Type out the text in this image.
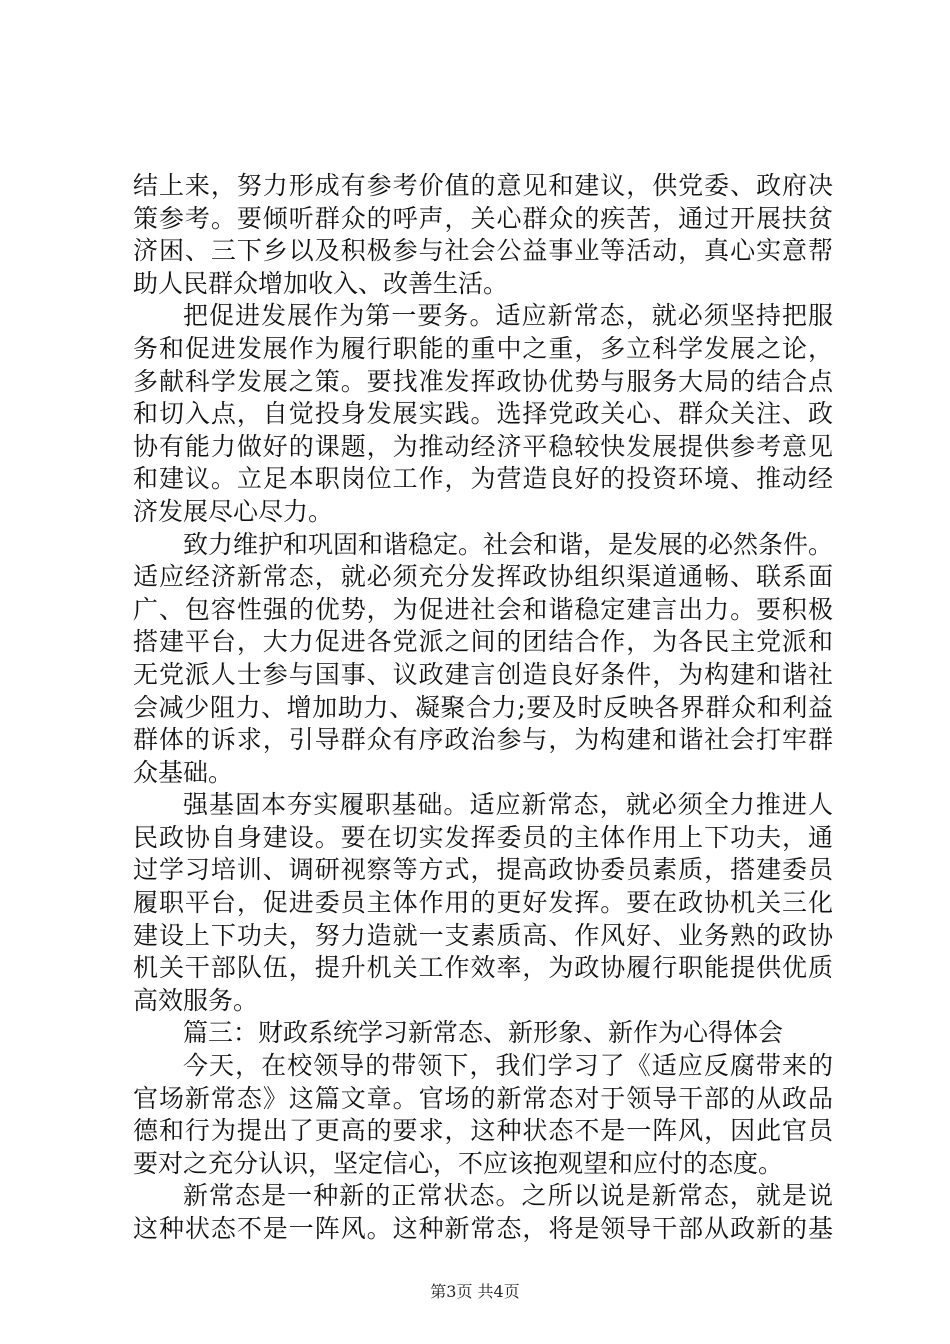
结上来，努力形成有参考价值的意见和建议，供党委、政府决
策参考。要倾听群众的呼声，关心群众的疾苦，通过开展扶贫
济困、三下乡以及积极参与社会公益事业等活动，真心实意帮
助人民群众增加收入、改善生活。
把促进发展作为第一要务。适应新常态，就必须坚持把服
务和促进发展作为履行职能的重中之重，多立科学发展之论，
多献科学发展之策。要找准发挥政协优势与服务大局的结合点
和切入点，自觉投身发展实践。选择党政关心、群众关注、政
协有能力做好的课题，为推动经济平稳较快发展提供参考意见
和建议。立足本职岗位工作，为营造良好的投资环境、推动经
济发展尽心尽力。
致力维护和巩固和谐稳定。社会和谐，是发展的必然条件。
适应经济新常态，就必须充分发挥政协组织渠道通畅、联系面
广、包容性强的优势，为促进社会和谐稳定建言出力。要积极
搭建平台，大力促进各党派之间的团结合作，为各民主党派和
无党派人士参与国事、议政建言创造良好条件，为构建和谐社
会减少阻力、增加助力、凝聚合力;要及时反映各界群众和利益
群体的诉求，引导群众有序政治参与，为构建和谐社会打牢群
众基础。
强基固本夯实履职基础。适应新常态，就必须全力推进人
民政协自身建设。要在切实发挥委员的主体作用上下功夫，通
过学习培训、调研视察等方式，提高政协委员素质，搭建委员
履职平台，促进委员主体作用的更好发挥。要在政协机关三化
建设上下功夫，努力造就一支素质高、作风好、业务熟的政协
机关干部队伍，提升机关工作效率，为政协履行职能提供优质
高效服务。
篇三：财政系统学习新常态、新形象、新作为心得体会
今天，在校领导的带领下，我们学习了《适应反腐带来的
官场新常态》这篇文章。官场的新常态对于领导干部的从政品
德和行为提出了更高的要求，这种状态不是一阵风，因此官员
要对之充分认识，坚定信心，不应该抱观望和应付的态度。
新常态是一种新的正常状态。之所以说是新常态，就是说
这种状态不是一阵风。这种新常态，将是领导干部从政新的基
第3页 共4页
